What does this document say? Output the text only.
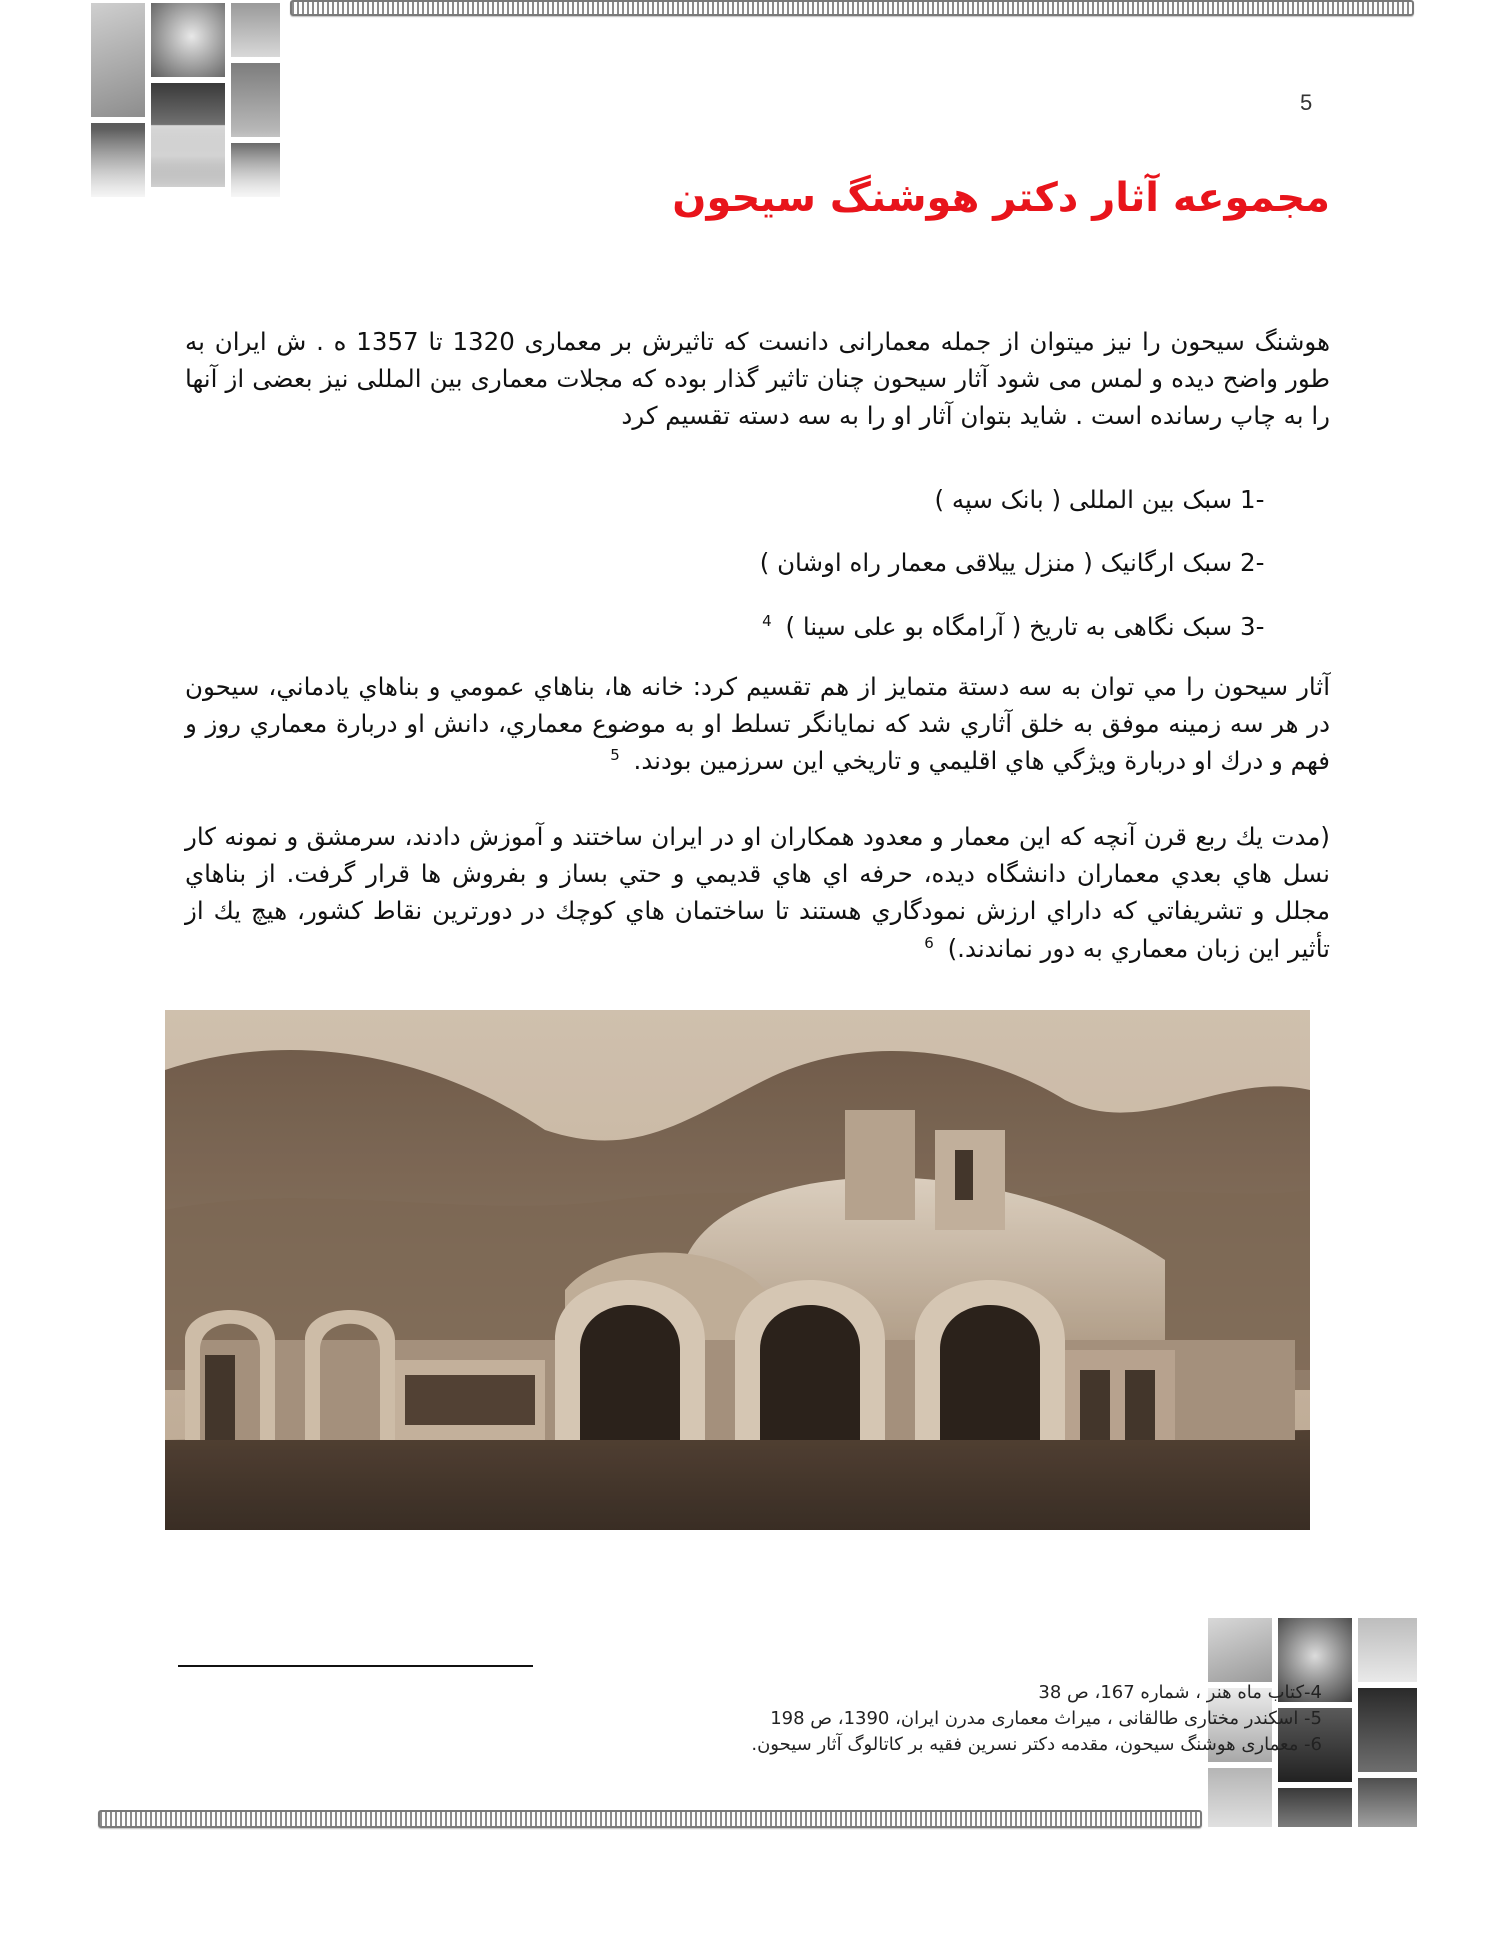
5
مجموعه آثار دکتر هوشنگ سیحون
هوشنگ سیحون را نیز میتوان از جمله معمارانی دانست که تاثیرش بر معماری 1320 تا 1357 ه . ش ایران به طور واضح دیده و لمس می شود آثار سیحون چنان تاثیر گذار بوده که مجلات معماری بین المللی نیز بعضی از آنها را به چاپ رسانده است . شاید بتوان آثار او را به سه دسته تقسیم کرد
1- سبک بین المللی ( بانک سپه )
2- سبک ارگانیک ( منزل ییلاقی معمار راه اوشان )
3- سبک نگاهی به تاریخ ( آرامگاه بو علی سینا ) $^4$
آثار سيحون را مي توان به سه دستة متمايز از هم تقسيم كرد: خانه ها، بناهاي عمومي و بناهاي يادماني، سيحون در هر سه زمينه موفق به خلق آثاري شد كه نمايانگر تسلط او به موضوع معماري، دانش او دربارة معماري روز و فهم و درك او دربارة ويژگي هاي اقليمي و تاريخي اين سرزمين بودند. $^5$
(مدت يك ربع قرن آنچه كه اين معمار و معدود همكاران او در ايران ساختند و آموزش دادند، سرمشق و نمونه كار نسل هاي بعدي معماران دانشگاه ديده، حرفه اي هاي قديمي و حتي بساز و بفروش ها قرار گرفت. از بناهاي مجلل و تشريفاتي كه داراي ارزش نمودگاري هستند تا ساختمان هاي كوچك در دورترين نقاط كشور، هيچ يك از تأثير اين زبان معماري به دور نماندند.) $^6$
4-كتاب ماه هنر ، شماره 167، ص 38
5- اسکندر مختاری طالقانی ، میراث معماری مدرن ایران، 1390، ص 198
6- معماری هوشنگ سیحون، مقدمه دکتر نسرین فقیه بر کاتالوگ آثار سیحون.
